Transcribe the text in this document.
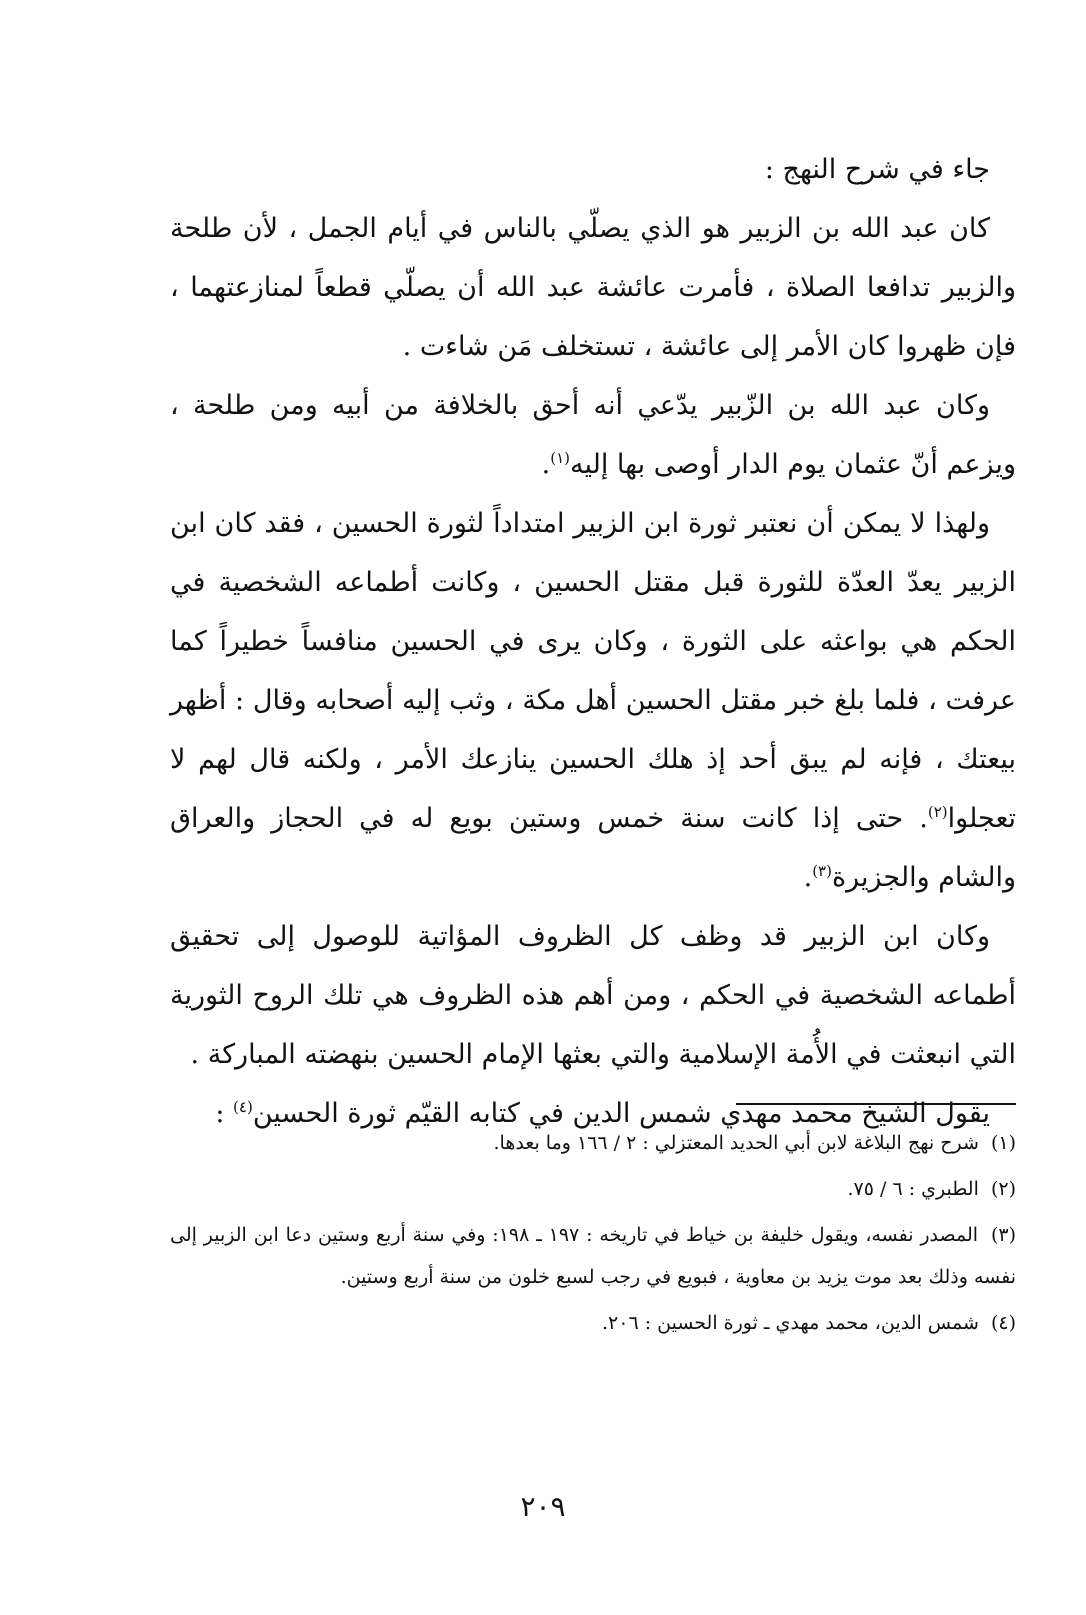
جاء في شرح النهج :

كان عبد الله بن الزبير هو الذي يصلّي بالناس في أيام الجمل ، لأن طلحة والزبير تدافعا الصلاة ، فأمرت عائشة عبد الله أن يصلّي قطعاً لمنازعتهما ، فإن ظهروا كان الأمر إلى عائشة ، تستخلف مَن شاءت .

وكان عبد الله بن الزّبير يدّعي أنه أحق بالخلافة من أبيه ومن طلحة ، ويزعم أنّ عثمان يوم الدار أوصى بها إليه$^{(١)}$.

ولهذا لا يمكن أن نعتبر ثورة ابن الزبير امتداداً لثورة الحسين ، فقد كان ابن الزبير يعدّ العدّة للثورة قبل مقتل الحسين ، وكانت أطماعه الشخصية في الحكم هي بواعثه على الثورة ، وكان يرى في الحسين منافساً خطيراً كما عرفت ، فلما بلغ خبر مقتل الحسين أهل مكة ، وثب إليه أصحابه وقال : أظهر بيعتك ، فإنه لم يبق أحد إذ هلك الحسين ينازعك الأمر ، ولكنه قال لهم لا تعجلوا$^{(٢)}$. حتى إذا كانت سنة خمس وستين بويع له في الحجاز والعراق والشام والجزيرة$^{(٣)}$.

وكان ابن الزبير قد وظف كل الظروف المؤاتية للوصول إلى تحقيق أطماعه الشخصية في الحكم ، ومن أهم هذه الظروف هي تلك الروح الثورية التي انبعثت في الأُمة الإسلامية والتي بعثها الإمام الحسين بنهضته المباركة .

يقول الشيخ محمد مهدي شمس الدين في كتابه القيّم ثورة الحسين$^{(٤)}$ :

(١) شرح نهج البلاغة لابن أبي الحديد المعتزلي : ٢ / ١٦٦ وما بعدها.

(٢) الطبري : ٦ / ٧٥.

(٣) المصدر نفسه، ويقول خليفة بن خياط في تاريخه : ١٩٧ ـ ١٩٨: وفي سنة أربع وستين دعا ابن الزبير إلى نفسه وذلك بعد موت يزيد بن معاوية ، فبويع في رجب لسبع خلون من سنة أربع وستين.

(٤) شمس الدين، محمد مهدي ـ ثورة الحسين : ٢٠٦.

٢٠٩
